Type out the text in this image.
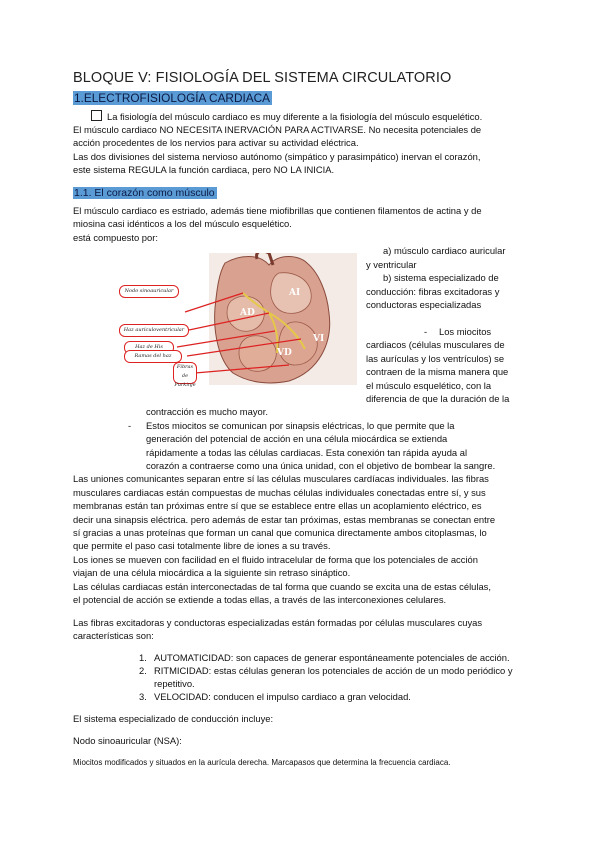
BLOQUE V: FISIOLOGÍA DEL SISTEMA CIRCULATORIO
1.ELECTROFISIOLOGÍA CARDIACA
La fisiología del músculo cardiaco es muy diferente a la fisiología del músculo esquelético.
El músculo cardiaco NO NECESITA INERVACIÓN PARA ACTIVARSE. No necesita potenciales de
acción procedentes de los nervios para activar su actividad eléctrica.
Las dos divisiones del sistema nervioso autónomo (simpático y parasimpático) inervan el corazón,
este sistema REGULA la función cardiaca, pero NO LA INICIA.
1.1. El corazón como músculo
El músculo cardiaco es estriado, además tiene miofibrillas que contienen filamentos de actina y de
miosina casi idénticos a los del músculo esquelético.
está compuesto por:
AI
AD
VI
VD
Nodo sinoauricular
Haz auriculoventricular
Haz de His
Ramas del haz
Fibras de Purkinje
a) músculo cardiaco auricular
y ventricular
b) sistema especializado de
conducción: fibras excitadoras y
conductoras especializadas
- Los miocitos
cardiacos (células musculares de
las aurículas y los ventrículos) se
contraen de la misma manera que
el músculo esquelético, con la
diferencia de que la duración de la
contracción es mucho mayor.
- Estos miocitos se comunican por sinapsis eléctricas, lo que permite que la
generación del potencial de acción en una célula miocárdica se extienda
rápidamente a todas las células cardiacas. Esta conexión tan rápida ayuda al
corazón a contraerse como una única unidad, con el objetivo de bombear la sangre.
Las uniones comunicantes separan entre sí las células musculares cardíacas individuales. las fibras
musculares cardiacas están compuestas de muchas células individuales conectadas entre sí, y sus
membranas están tan próximas entre sí que se establece entre ellas un acoplamiento eléctrico, es
decir una sinapsis eléctrica. pero además de estar tan próximas, estas membranas se conectan entre
sí gracias a unas proteínas que forman un canal que comunica directamente ambos citoplasmas, lo
que permite el paso casi totalmente libre de iones a su través.
Los iones se mueven con facilidad en el fluido intracelular de forma que los potenciales de acción
viajan de una célula miocárdica a la siguiente sin retraso sináptico.
Las células cardiacas están interconectadas de tal forma que cuando se excita una de estas células,
el potencial de acción se extiende a todas ellas, a través de las interconexiones celulares.
Las fibras excitadoras y conductoras especializadas están formadas por células musculares cuyas
características son:
1. AUTOMATICIDAD: son capaces de generar espontáneamente potenciales de acción.
2. RITMICIDAD: estas células generan los potenciales de acción de un modo periódico y
repetitivo.
3. VELOCIDAD: conducen el impulso cardiaco a gran velocidad.
El sistema especializado de conducción incluye:
Nodo sinoauricular (NSA):
Miocitos modificados y situados en la aurícula derecha. Marcapasos que determina la frecuencia cardiaca.
